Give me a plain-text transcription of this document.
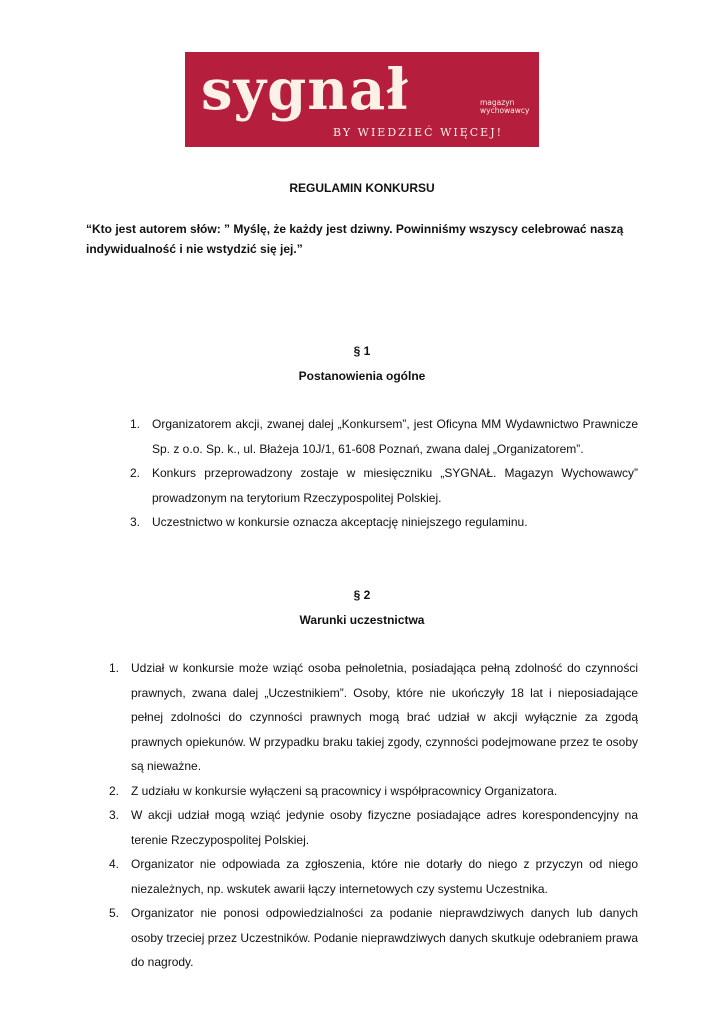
sygnał	magazyn
wychowawcy
BY WIEDZIEĆ WIĘCEJ!
REGULAMIN KONKURSU
“Kto jest autorem słów: ” Myślę, że każdy jest dziwny. Powinniśmy wszyscy celebrować naszą indywidualność i nie wstydzić się jej.”
§ 1
Postanowienia ogólne
1. Organizatorem akcji, zwanej dalej „Konkursem”, jest Oficyna MM Wydawnictwo Prawnicze Sp. z o.o. Sp. k., ul. Błażeja 10J/1, 61-608 Poznań, zwana dalej „Organizatorem”.
2. Konkurs przeprowadzony zostaje w miesięczniku „SYGNAŁ. Magazyn Wychowawcy” prowadzonym na terytorium Rzeczypospolitej Polskiej.
3. Uczestnictwo w konkursie oznacza akceptację niniejszego regulaminu.
§ 2
Warunki uczestnictwa
1. Udział w konkursie może wziąć osoba pełnoletnia, posiadająca pełną zdolność do czynności prawnych, zwana dalej „Uczestnikiem”. Osoby, które nie ukończyły 18 lat i nieposiadające pełnej zdolności do czynności prawnych mogą brać udział w akcji wyłącznie za zgodą prawnych opiekunów. W przypadku braku takiej zgody, czynności podejmowane przez te osoby są nieważne.
2. Z udziału w konkursie wyłączeni są pracownicy i współpracownicy Organizatora.
3. W akcji udział mogą wziąć jedynie osoby fizyczne posiadające adres korespondencyjny na terenie Rzeczypospolitej Polskiej.
4. Organizator nie odpowiada za zgłoszenia, które nie dotarły do niego z przyczyn od niego niezależnych, np. wskutek awarii łączy internetowych czy systemu Uczestnika.
5. Organizator nie ponosi odpowiedzialności za podanie nieprawdziwych danych lub danych osoby trzeciej przez Uczestników. Podanie nieprawdziwych danych skutkuje odebraniem prawa do nagrody.
